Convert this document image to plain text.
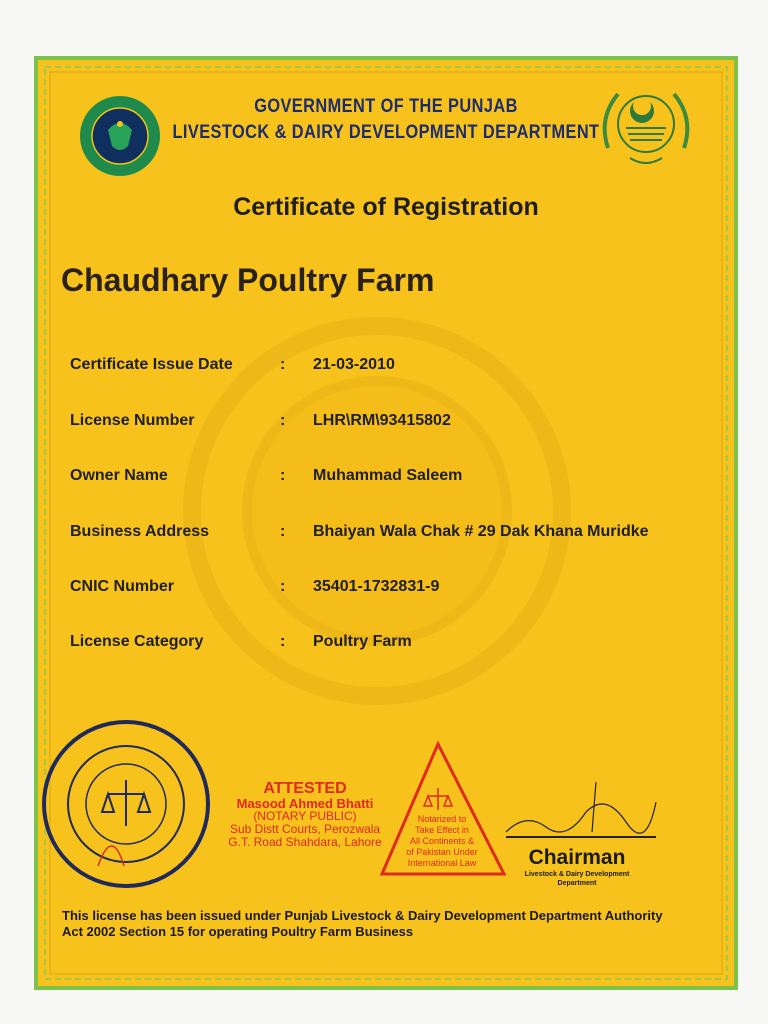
GOVERNMENT OF THE PUNJAB
LIVESTOCK & DAIRY DEVELOPMENT DEPARTMENT
Certificate of Registration
Chaudhary Poultry Farm
Certificate Issue Date	: 21-03-2010
License Number	: LHR\RM\93415802
Owner Name	: Muhammad Saleem
Business Address	: Bhaiyan Wala Chak # 29 Dak Khana Muridke
CNIC Number	: 35401-1732831-9
License Category	: Poultry Farm
ATTESTED
Masood Ahmed Bhatti
(NOTARY PUBLIC)
Sub Distt Courts, Perozwala
G.T. Road Shahdara, Lahore
Notarized to
Take Effect in
All Continents &
of Pakistan Under
International Law	Chairman
Livestock & Dairy Development
Department
This license has been issued under Punjab Livestock & Dairy Development Department Authority
Act 2002 Section 15 for operating Poultry Farm Business
